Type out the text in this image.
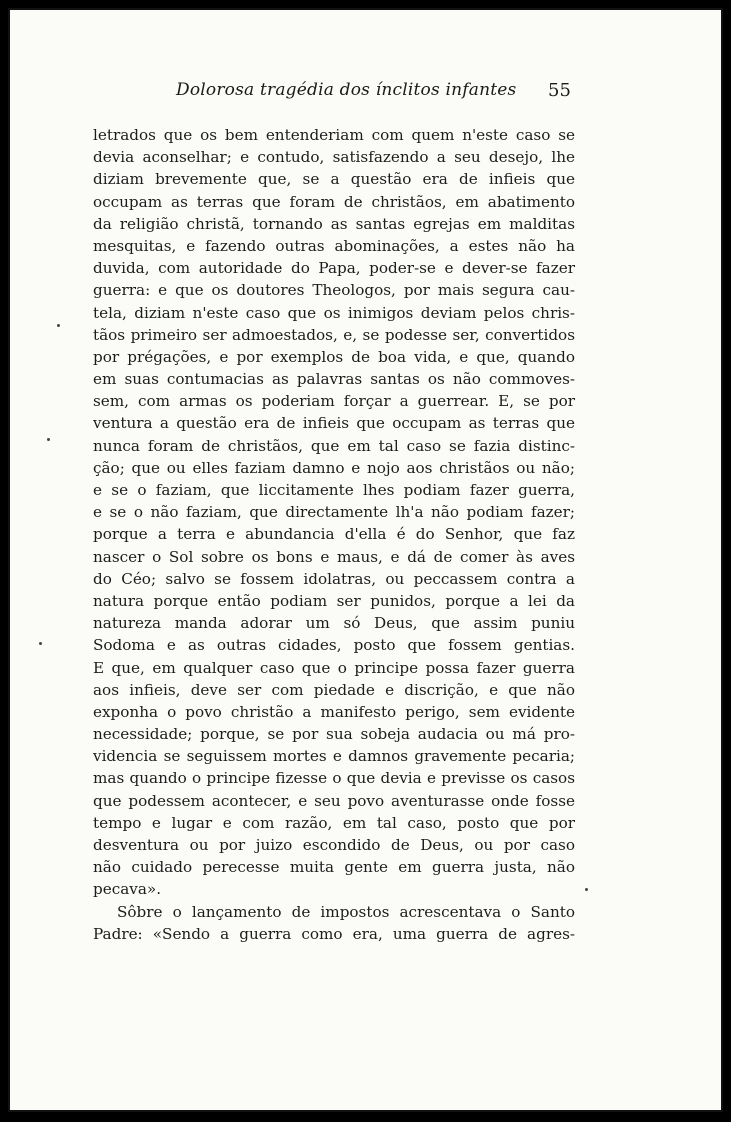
Dolorosa tragédia dos ínclitos infantes 55
letrados que os bem entenderiam com quem n'este caso se
devia aconselhar; e contudo, satisfazendo a seu desejo, lhe
diziam brevemente que, se a questão era de infieis que
occupam as terras que foram de christãos, em abatimento
da religião christã, tornando as santas egrejas em malditas
mesquitas, e fazendo outras abominações, a estes não ha
duvida, com autoridade do Papa, poder-se e dever-se fazer
guerra: e que os doutores Theologos, por mais segura cau-
tela, diziam n'este caso que os inimigos deviam pelos chris-
tãos primeiro ser admoestados, e, se podesse ser, convertidos
por prégações, e por exemplos de boa vida, e que, quando
em suas contumacias as palavras santas os não commoves-
sem, com armas os poderiam forçar a guerrear. E, se por
ventura a questão era de infieis que occupam as terras que
nunca foram de christãos, que em tal caso se fazia distinc-
ção; que ou elles faziam damno e nojo aos christãos ou não;
e se o faziam, que liccitamente lhes podiam fazer guerra,
e se o não faziam, que directamente lh'a não podiam fazer;
porque a terra e abundancia d'ella é do Senhor, que faz
nascer o Sol sobre os bons e maus, e dá de comer às aves
do Céo; salvo se fossem idolatras, ou peccassem contra a
natura porque então podiam ser punidos, porque a lei da
natureza manda adorar um só Deus, que assim puniu
Sodoma e as outras cidades, posto que fossem gentias.
E que, em qualquer caso que o principe possa fazer guerra
aos infieis, deve ser com piedade e discrição, e que não
exponha o povo christão a manifesto perigo, sem evidente
necessidade; porque, se por sua sobeja audacia ou má pro-
videncia se seguissem mortes e damnos gravemente pecaria;
mas quando o principe fizesse o que devia e previsse os casos
que podessem acontecer, e seu povo aventurasse onde fosse
tempo e lugar e com razão, em tal caso, posto que por
desventura ou por juizo escondido de Deus, ou por caso
não cuidado perecesse muita gente em guerra justa, não
pecava».
Sôbre o lançamento de impostos acrescentava o Santo
Padre: «Sendo a guerra como era, uma guerra de agres-
